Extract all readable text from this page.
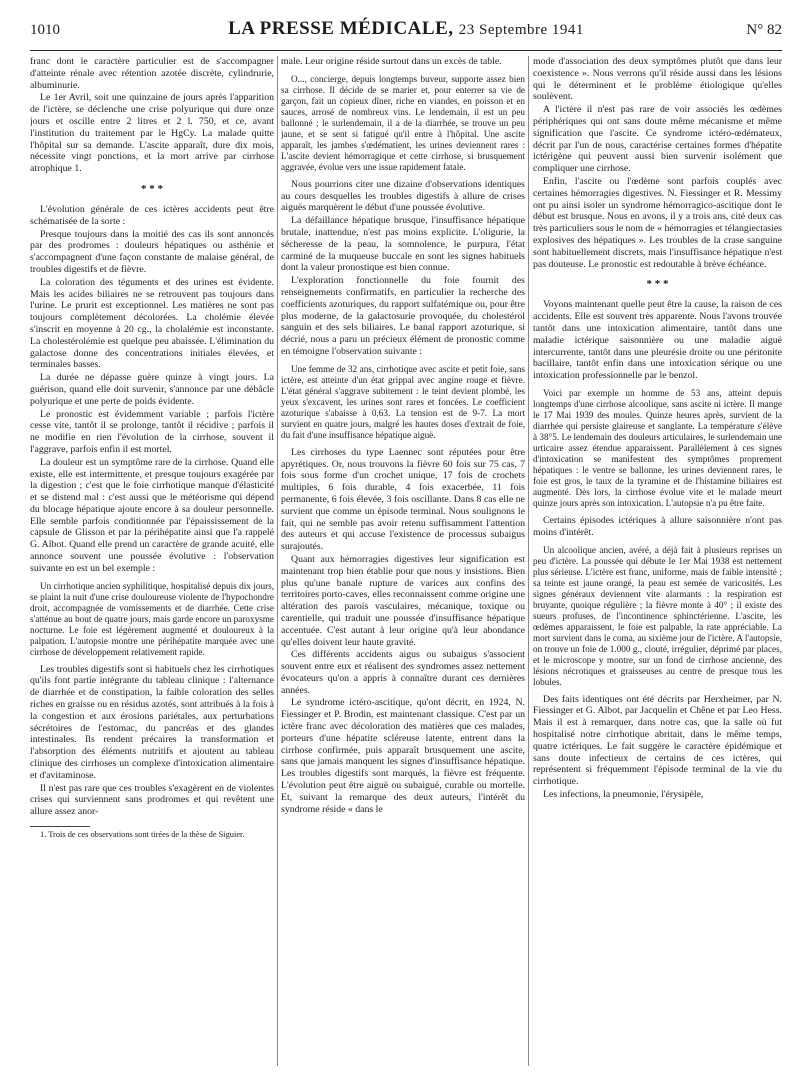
1010	LA PRESSE MÉDICALE, 23 Septembre 1941	N° 82

franc dont le caractère particulier est de s'accompagner d'atteinte rénale avec rétention azotée discrète, cylindrurie, albuminurie.

Le 1er Avril, soit une quinzaine de jours après l'apparition de l'ictère, se déclenche une crise polyurique qui dure onze jours et oscille entre 2 litres et 2 l. 750, et ce, avant l'institution du traitement par le HgCy. La malade quitte l'hôpital sur sa demande. L'ascite apparaît, dure dix mois, nécessite vingt ponctions, et la mort arrive par cirrhose atrophique 1.

* * *

L'évolution générale de ces ictères accidents peut être schématisée de la sorte :

Presque toujours dans la moitié des cas ils sont annoncés par des prodromes : douleurs hépatiques ou asthénie et s'accompagnent d'une façon constante de malaise général, de troubles digestifs et de fièvre.

La coloration des téguments et des urines est évidente. Mais les acides biliaires ne se retrouvent pas toujours dans l'urine. Le prurit est exceptionnel. Les matières ne sont pas toujours complètement décolorées. La cholémie élevée s'inscrit en moyenne à 20 cg., la cholalémie est inconstante. La cholestérolémie est quelque peu abaissée. L'élimination du galactose donne des concentrations initiales élevées, et terminales basses.

La durée ne dépasse guère quinze à vingt jours. La guérison, quand elle doit survenir, s'annonce par une débâcle polyurique et une perte de poids évidente.

Le pronostic est évidemment variable ; parfois l'ictère cesse vite, tantôt il se prolonge, tantôt il récidive ; parfois il ne modifie en rien l'évolution de la cirrhose, souvent il l'aggrave, parfois enfin il est mortel.

La douleur est un symptôme rare de la cirrhose. Quand elle existe, elle est intermittente, et presque toujours exagérée par la digestion ; c'est que le foie cirrhotique manque d'élasticité et se distend mal : c'est aussi que le météorisme qui dépend du blocage hépatique ajoute encore à sa douleur personnelle. Elle semble parfois conditionnée par l'épaississement de la capsule de Glisson et par la périhépatite ainsi que l'a rappelé G. Albot. Quand elle prend un caractère de grande acuité, elle annonce souvent une poussée évolutive : l'observation suivante en est un bel exemple :

Un cirrhotique ancien syphilitique, hospitalisé depuis dix jours, se plaint la nuit d'une crise douloureuse violente de l'hypochondre droit, accompagnée de vomissements et de diarrhée. Cette crise s'atténue au bout de quatre jours, mais garde encore un paroxysme nocturne. Le foie est légèrement augmenté et douloureux à la palpation. L'autopsie montre une périhépatite marquée avec une cirrhose de développement relativement rapide.

Les troubles digestifs sont si habituels chez les cirrhotiques qu'ils font partie intégrante du tableau clinique : l'alternance de diarrhée et de constipation, la faible coloration des selles riches en graisse ou en résidus azotés, sont attribués à la fois à la congestion et aux érosions pariétales, aux perturbations sécrétoires de l'estomac, du pancréas et des glandes intestinales. Ils rendent précaires la transformation et l'absorption des éléments nutritifs et ajoutent au tableau clinique des cirrhoses un complexe d'intoxication alimentaire et d'avitaminose.

Il n'est pas rare que ces troubles s'exagèrent en de violentes crises qui surviennent sans prodromes et qui revêtent une allure assez anor-

1. Trois de ces observations sont tirées de la thèse de Siguier.

male. Leur origine réside surtout dans un excès de table.

O..., concierge, depuis longtemps buveur, supporte assez bien sa cirrhose. Il décide de se marier et, pour enterrer sa vie de garçon, fait un copieux dîner, riche en viandes, en poisson et en sauces, arrosé de nombreux vins. Le lendemain, il est un peu ballonné ; le surlendemain, il a de la diarrhée, se trouve un peu jaune, et se sent si fatigué qu'il entre à l'hôpital. Une ascite apparaît, les jambes s'œdématient, les urines deviennent rares : L'ascite devient hémorragique et cette cirrhose, si brusquement aggravée, évolue vers une issue rapidement fatale.

Nous pourrions citer une dizaine d'observations identiques au cours desquelles les troubles digestifs à allure de crises aiguës marquèrent le début d'une poussée évolutive.

La défaillance hépatique brusque, l'insuffisance hépatique brutale, inattendue, n'est pas moins explicite. L'oligurie, la sécheresse de la peau, la somnolence, le purpura, l'état carminé de la muqueuse buccale en sont les signes habituels dont la valeur pronostique est bien connue.

L'exploration fonctionnelle du foie fournit des renseignements confirmatifs, en particulier la recherche des coefficients azoturiques, du rapport sulfatémique ou, pour être plus moderne, de la galactosurie provoquée, du cholestérol sanguin et des sels biliaires. Le banal rapport azoturique, si décrié, nous a paru un précieux élément de pronostic comme en témoigne l'observation suivante :

Une femme de 32 ans, cirrhotique avec ascite et petit foie, sans ictère, est atteinte d'un état grippal avec angine rouge et fièvre. L'état général s'aggrave subitement : le teint devient plombé, les yeux s'excavent, les urines sont rares et foncées. Le coefficient azoturique s'abaisse à 0,63. La tension est de 9-7. La mort survient en quatre jours, malgré les hautes doses d'extrait de foie, du fait d'une insuffisance hépatique aiguë.

Les cirrhoses du type Laennec sont réputées pour être apyrétiques. Or, nous trouvons la fièvre 60 fois sur 75 cas, 7 fois sous forme d'un crochet unique, 17 fois de crochets multiples, 6 fois durable, 4 fois exacerbée, 11 fois permanente, 6 fois élevée, 3 fois oscillante. Dans 8 cas elle ne survient que comme un épisode terminal. Nous soulignons le fait, qui ne semble pas avoir retenu suffisamment l'attention des auteurs et qui accuse l'existence de processus subaigus surajoutés.

Quant aux hémorragies digestives leur signification est maintenant trop bien établie pour que nous y insistions. Bien plus qu'une banale rupture de varices aux confins des territoires porto-caves, elles reconnaissent comme origine une altération des parois vasculaires, mécanique, toxique ou carentielle, qui traduit une poussée d'insuffisance hépatique accentuée. C'est autant à leur origine qu'à leur abondance qu'elles doivent leur haute gravité.

Ces différents accidents aigus ou subaigus s'associent souvent entre eux et réalisent des syndromes assez nettement évocateurs qu'on a appris à connaître durant ces dernières années.

Le syndrome ictéro-ascitique, qu'ont décrit, en 1924, N. Fiessinger et P. Brodin, est maintenant classique. C'est par un ictère franc avec décoloration des matières que ces malades, porteurs d'une hépatite scléreuse latente, entrent dans la cirrhose confirmée, puis apparaît brusquement une ascite, sans que jamais manquent les signes d'insuffisance hépatique. Les troubles digestifs sont marqués, la fièvre est fréquente. L'évolution peut être aiguë ou subaiguë, curable ou mortelle. Et, suivant la remarque des deux auteurs, l'intérêt du syndrome réside « dans le

mode d'association des deux symptômes plutôt que dans leur coexistence ». Nous verrons qu'il réside aussi dans les lésions qui le déterminent et le problème étiologique qu'elles soulèvent.

A l'ictère il n'est pas rare de voir associés les œdèmes périphériques qui ont sans doute même mécanisme et même signification que l'ascite. Ce syndrome ictéro-œdémateux, décrit par l'un de nous, caractérise certaines formes d'hépatite ictérigène qui peuvent aussi bien survenir isolément que compliquer une cirrhose.

Enfin, l'ascite ou l'œdème sont parfois couplés avec certaines hémorragies digestives. N. Fiessinger et R. Messimy ont pu ainsi isoler un syndrome hémorragico-ascitique dont le début est brusque. Nous en avons, il y a trois ans, cité deux cas très particuliers sous le nom de « hémorragies et télangiectasies explosives des hépatiques ». Les troubles de la crase sanguine sont habituellement discrets, mais l'insuffisance hépatique n'est pas douteuse. Le pronostic est redoutable à brève échéance.

* * *

Voyons maintenant quelle peut être la cause, la raison de ces accidents. Elle est souvent très apparente. Nous l'avons trouvée tantôt dans une intoxication alimentaire, tantôt dans une maladie ictérique saisonnière ou une maladie aiguë intercurrente, tantôt dans une pleurésie droite ou une péritonite bacillaire, tantôt enfin dans une intoxication sérique ou une intoxication professionnelle par le benzol.

Voici par exemple un homme de 53 ans, atteint depuis longtemps d'une cirrhose alcoolique, sans ascite ni ictère. Il mange le 17 Mai 1939 des moules. Quinze heures après, survient de la diarrhée qui persiste glaireuse et sanglante. La température s'élève à 38°5. Le lendemain des douleurs articulaires, le surlendemain une urticaire assez étendue apparaissent. Parallèlement à ces signes d'intoxication se manifestent des symptômes proprement hépatiques : le ventre se ballonne, les urines deviennent rares, le foie est gros, le taux de la tyramine et de l'histamine biliaires est augmenté. Dès lors, la cirrhose évolue vite et le malade meurt quinze jours après son intoxication. L'autopsie n'a pu être faite.

Certains épisodes ictériques à allure saisonnière n'ont pas moins d'intérêt.

Un alcoolique ancien, avéré, a déjà fait à plusieurs reprises un peu d'ictère. La poussée qui débute le 1er Mai 1938 est nettement plus sérieuse. L'ictère est franc, uniforme, mais de faible intensité ; sa teinte est jaune orangé, la peau est semée de varicosités. Les signes généraux deviennent vite alarmants : la respiration est bruyante, quoique régulière ; la fièvre monte à 40° ; il existe des sueurs profuses, de l'incontinence sphinctérienne. L'ascite, les œdèmes apparaissent, le foie est palpable, la rate appréciable. La mort survient dans le coma, au sixième jour de l'ictère. A l'autopsie, on trouve un foie de 1.000 g., clouté, irrégulier, déprimé par places, et le microscope y montre, sur un fond de cirrhose ancienne, des lésions nécrotiques et graisseuses au centre de presque tous les lobules.

Des faits identiques ont été décrits par Herxheimer, par N. Fiessinger et G. Albot, par Jacquelin et Chêne et par Leo Hess. Mais il est à remarquer, dans notre cas, que la salle où fut hospitalisé notre cirrhotique abritait, dans le même temps, quatre ictériques. Le fait suggère le caractère épidémique et sans doute infectieux de certains de ces ictères, qui représentent si fréquemment l'épisode terminal de la vie du cirrhotique.

Les infections, la pneumonie, l'érysipèle,
